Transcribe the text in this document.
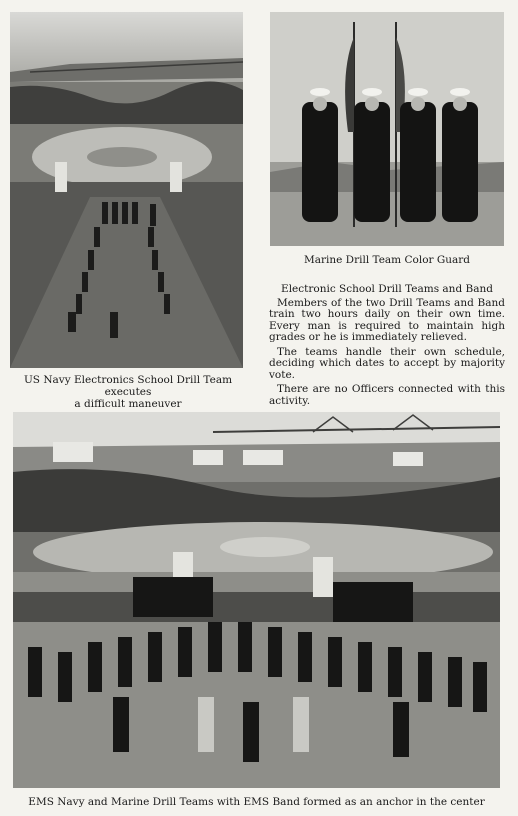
US Navy Electronics School Drill Team executes
a difficult maneuver
Marine Drill Team Color Guard
Electronic School Drill Teams and Band

Members of the two Drill Teams and Band train two hours daily on their own time. Every man is required to maintain high grades or he is immediately relieved.

The teams handle their own schedule, deciding which dates to accept by majority vote.

There are no Officers connected with this activity.

EMS Navy and Marine Drill Teams with EMS Band formed as an anchor in the center
